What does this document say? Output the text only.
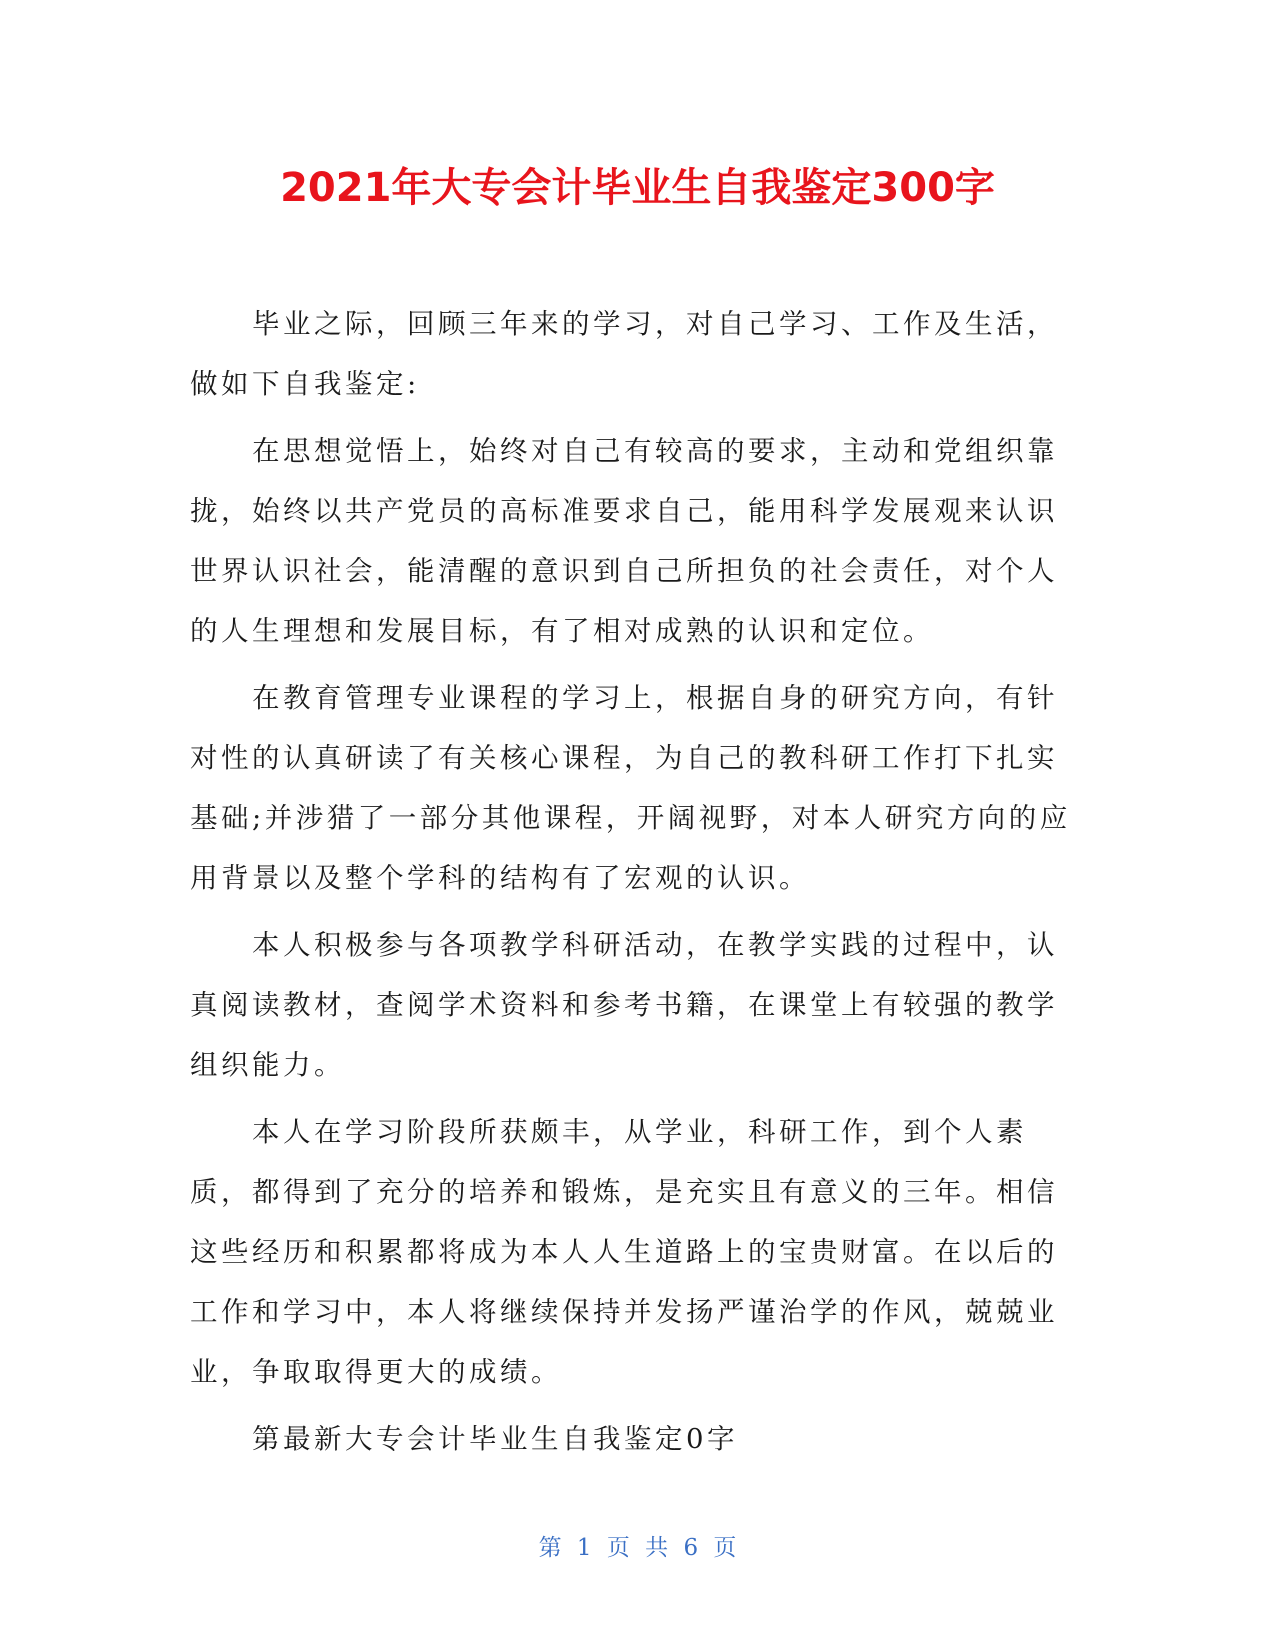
2021年大专会计毕业生自我鉴定300字

毕业之际，回顾三年来的学习，对自己学习、工作及生活，做如下自我鉴定:

在思想觉悟上，始终对自己有较高的要求，主动和党组织靠拢，始终以共产党员的高标准要求自己，能用科学发展观来认识世界认识社会，能清醒的意识到自己所担负的社会责任，对个人的人生理想和发展目标，有了相对成熟的认识和定位。

在教育管理专业课程的学习上，根据自身的研究方向，有针对性的认真研读了有关核心课程，为自己的教科研工作打下扎实基础;并涉猎了一部分其他课程，开阔视野，对本人研究方向的应用背景以及整个学科的结构有了宏观的认识。

本人积极参与各项教学科研活动，在教学实践的过程中，认真阅读教材，查阅学术资料和参考书籍，在课堂上有较强的教学组织能力。

本人在学习阶段所获颇丰，从学业，科研工作，到个人素质，都得到了充分的培养和锻炼，是充实且有意义的三年。相信这些经历和积累都将成为本人人生道路上的宝贵财富。在以后的工作和学习中，本人将继续保持并发扬严谨治学的作风，兢兢业业，争取取得更大的成绩。

第最新大专会计毕业生自我鉴定0字

第 1 页 共 6 页
